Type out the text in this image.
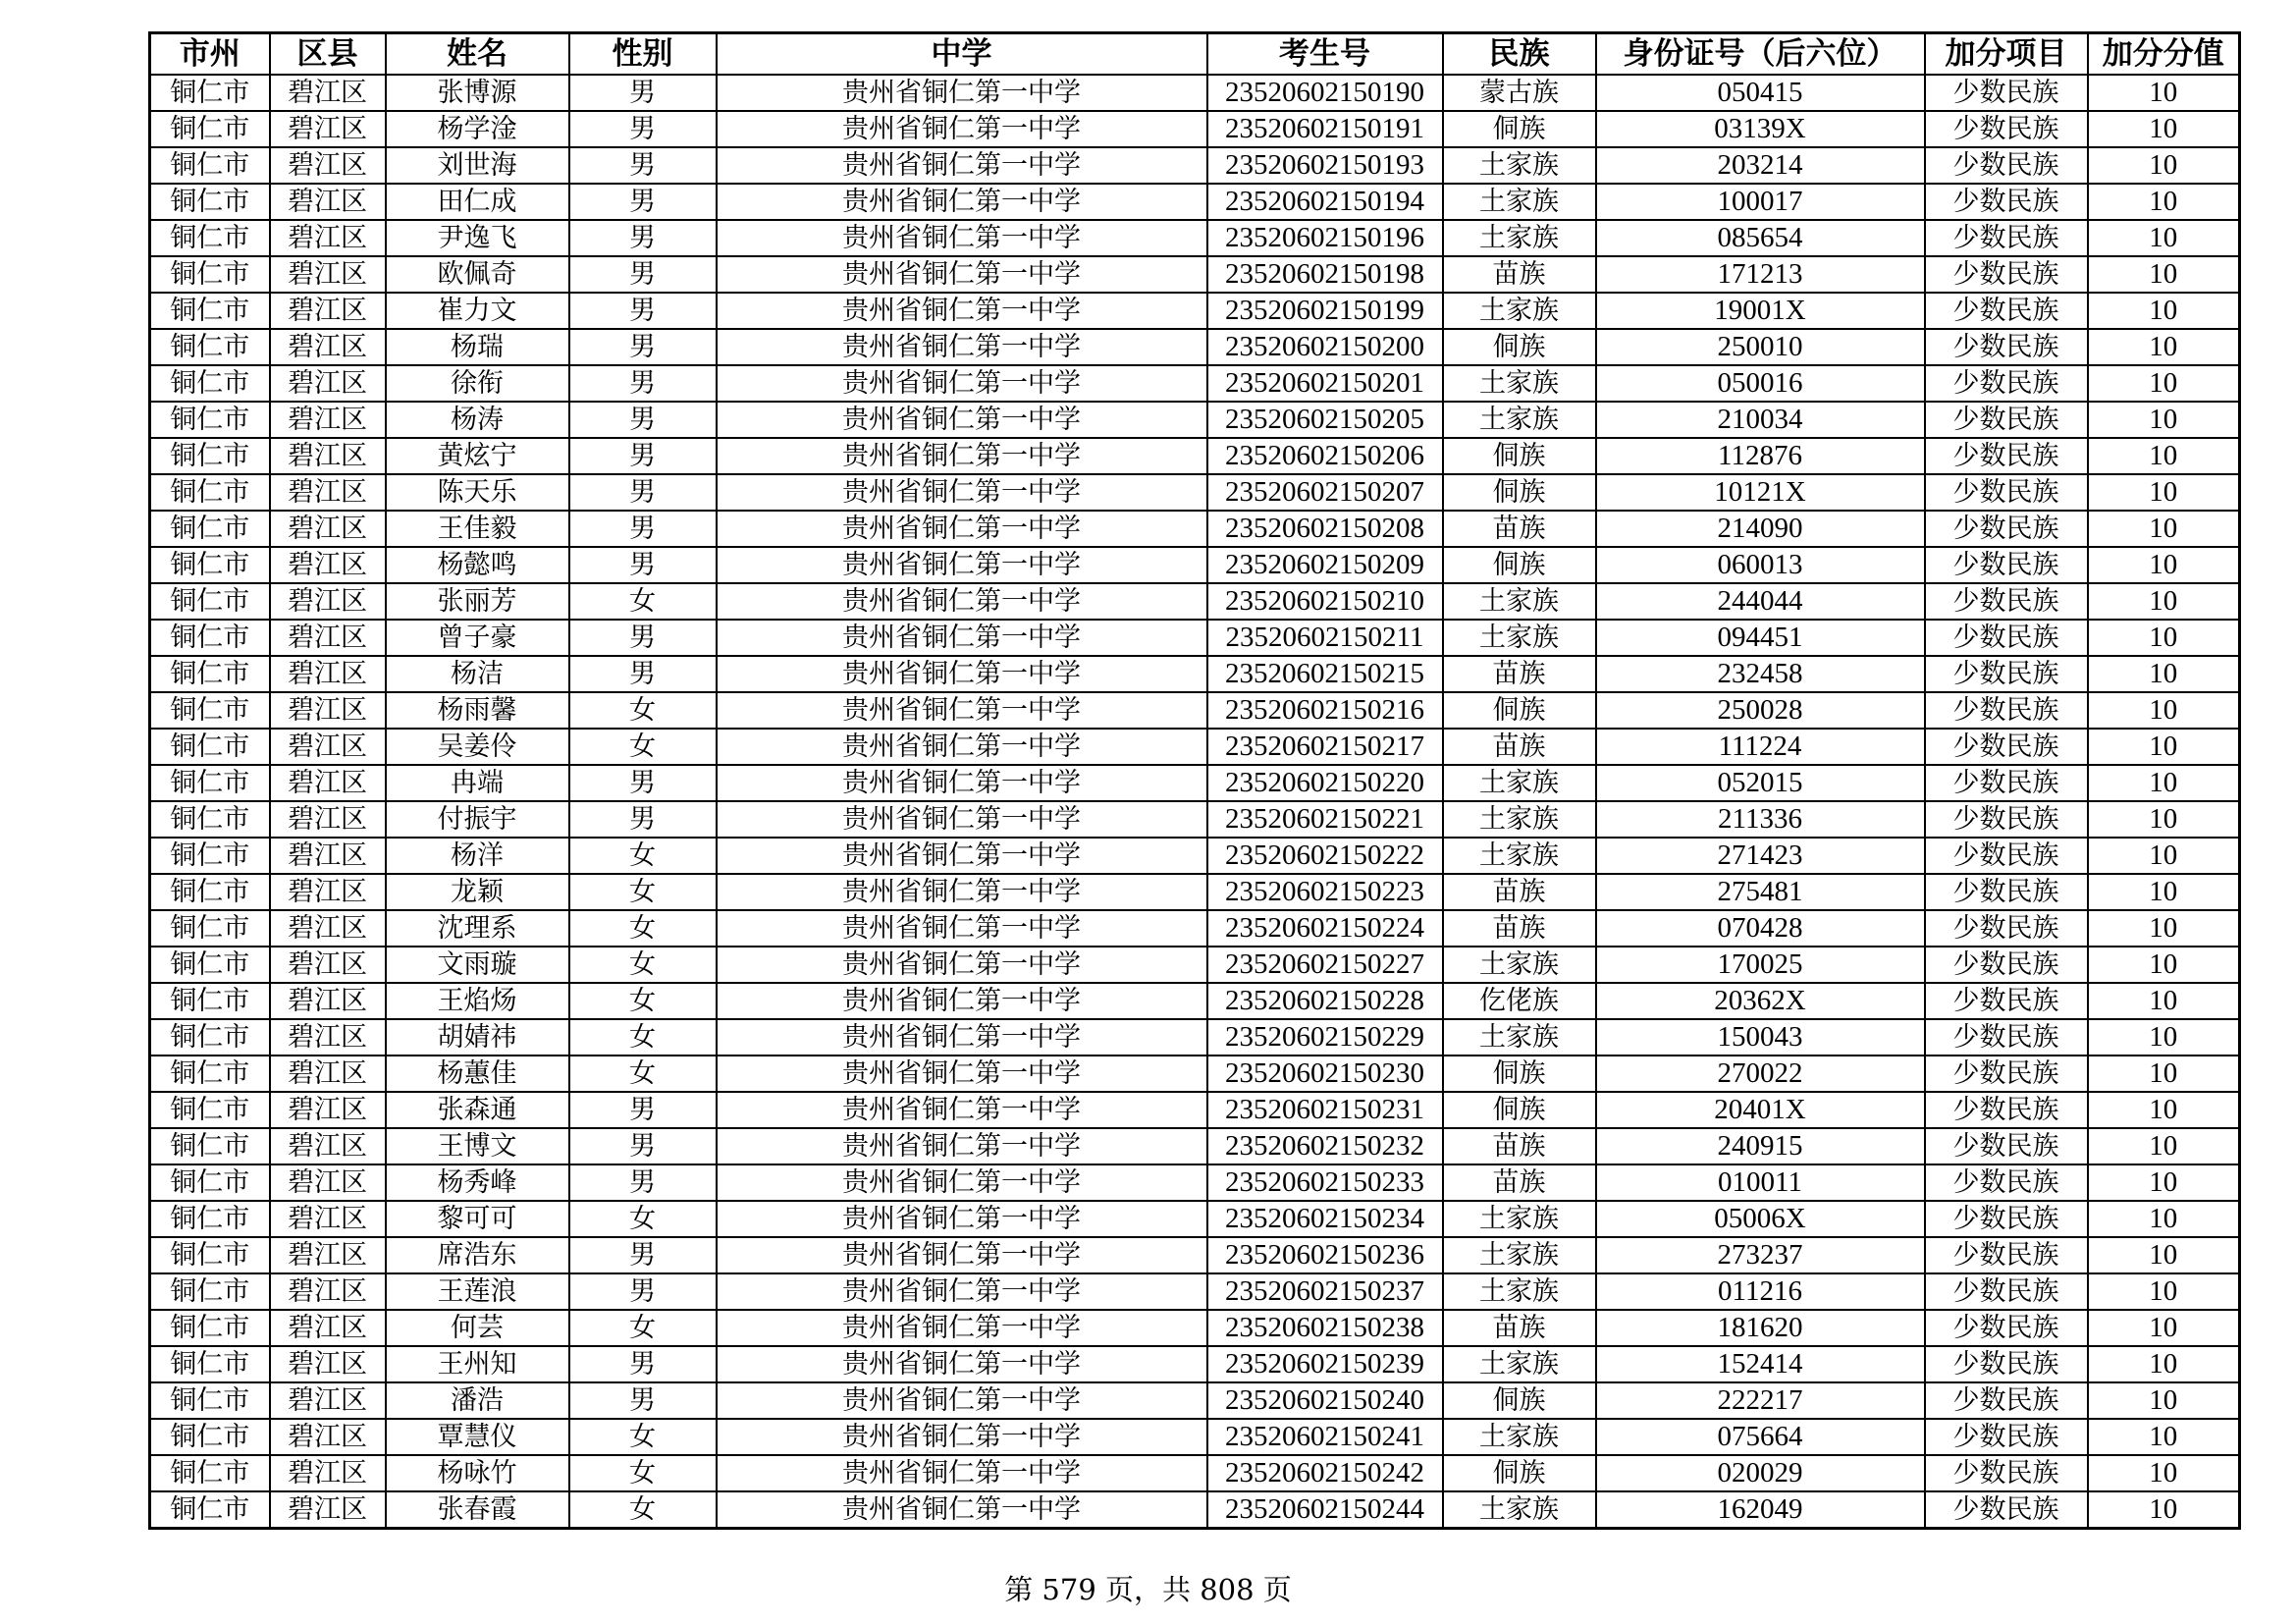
市州	区县	姓名	性别	中学	考生号	民族	身份证号（后六位）	加分项目	加分分值
铜仁市	碧江区	张博源	男	贵州省铜仁第一中学	23520602150190	蒙古族	050415	少数民族	10
铜仁市	碧江区	杨学淦	男	贵州省铜仁第一中学	23520602150191	侗族	03139X	少数民族	10
铜仁市	碧江区	刘世海	男	贵州省铜仁第一中学	23520602150193	土家族	203214	少数民族	10
铜仁市	碧江区	田仁成	男	贵州省铜仁第一中学	23520602150194	土家族	100017	少数民族	10
铜仁市	碧江区	尹逸飞	男	贵州省铜仁第一中学	23520602150196	土家族	085654	少数民族	10
铜仁市	碧江区	欧佩奇	男	贵州省铜仁第一中学	23520602150198	苗族	171213	少数民族	10
铜仁市	碧江区	崔力文	男	贵州省铜仁第一中学	23520602150199	土家族	19001X	少数民族	10
铜仁市	碧江区	杨瑞	男	贵州省铜仁第一中学	23520602150200	侗族	250010	少数民族	10
铜仁市	碧江区	徐衔	男	贵州省铜仁第一中学	23520602150201	土家族	050016	少数民族	10
铜仁市	碧江区	杨涛	男	贵州省铜仁第一中学	23520602150205	土家族	210034	少数民族	10
铜仁市	碧江区	黄炫宁	男	贵州省铜仁第一中学	23520602150206	侗族	112876	少数民族	10
铜仁市	碧江区	陈天乐	男	贵州省铜仁第一中学	23520602150207	侗族	10121X	少数民族	10
铜仁市	碧江区	王佳毅	男	贵州省铜仁第一中学	23520602150208	苗族	214090	少数民族	10
铜仁市	碧江区	杨懿鸣	男	贵州省铜仁第一中学	23520602150209	侗族	060013	少数民族	10
铜仁市	碧江区	张丽芳	女	贵州省铜仁第一中学	23520602150210	土家族	244044	少数民族	10
铜仁市	碧江区	曾子豪	男	贵州省铜仁第一中学	23520602150211	土家族	094451	少数民族	10
铜仁市	碧江区	杨洁	男	贵州省铜仁第一中学	23520602150215	苗族	232458	少数民族	10
铜仁市	碧江区	杨雨馨	女	贵州省铜仁第一中学	23520602150216	侗族	250028	少数民族	10
铜仁市	碧江区	吴姜伶	女	贵州省铜仁第一中学	23520602150217	苗族	111224	少数民族	10
铜仁市	碧江区	冉端	男	贵州省铜仁第一中学	23520602150220	土家族	052015	少数民族	10
铜仁市	碧江区	付振宇	男	贵州省铜仁第一中学	23520602150221	土家族	211336	少数民族	10
铜仁市	碧江区	杨洋	女	贵州省铜仁第一中学	23520602150222	土家族	271423	少数民族	10
铜仁市	碧江区	龙颖	女	贵州省铜仁第一中学	23520602150223	苗族	275481	少数民族	10
铜仁市	碧江区	沈理系	女	贵州省铜仁第一中学	23520602150224	苗族	070428	少数民族	10
铜仁市	碧江区	文雨璇	女	贵州省铜仁第一中学	23520602150227	土家族	170025	少数民族	10
铜仁市	碧江区	王焰炀	女	贵州省铜仁第一中学	23520602150228	仡佬族	20362X	少数民族	10
铜仁市	碧江区	胡婧祎	女	贵州省铜仁第一中学	23520602150229	土家族	150043	少数民族	10
铜仁市	碧江区	杨蕙佳	女	贵州省铜仁第一中学	23520602150230	侗族	270022	少数民族	10
铜仁市	碧江区	张森通	男	贵州省铜仁第一中学	23520602150231	侗族	20401X	少数民族	10
铜仁市	碧江区	王博文	男	贵州省铜仁第一中学	23520602150232	苗族	240915	少数民族	10
铜仁市	碧江区	杨秀峰	男	贵州省铜仁第一中学	23520602150233	苗族	010011	少数民族	10
铜仁市	碧江区	黎可可	女	贵州省铜仁第一中学	23520602150234	土家族	05006X	少数民族	10
铜仁市	碧江区	席浩东	男	贵州省铜仁第一中学	23520602150236	土家族	273237	少数民族	10
铜仁市	碧江区	王莲浪	男	贵州省铜仁第一中学	23520602150237	土家族	011216	少数民族	10
铜仁市	碧江区	何芸	女	贵州省铜仁第一中学	23520602150238	苗族	181620	少数民族	10
铜仁市	碧江区	王州知	男	贵州省铜仁第一中学	23520602150239	土家族	152414	少数民族	10
铜仁市	碧江区	潘浩	男	贵州省铜仁第一中学	23520602150240	侗族	222217	少数民族	10
铜仁市	碧江区	覃慧仪	女	贵州省铜仁第一中学	23520602150241	土家族	075664	少数民族	10
铜仁市	碧江区	杨咏竹	女	贵州省铜仁第一中学	23520602150242	侗族	020029	少数民族	10
铜仁市	碧江区	张春霞	女	贵州省铜仁第一中学	23520602150244	土家族	162049	少数民族	10
第 579 页，共 808 页
